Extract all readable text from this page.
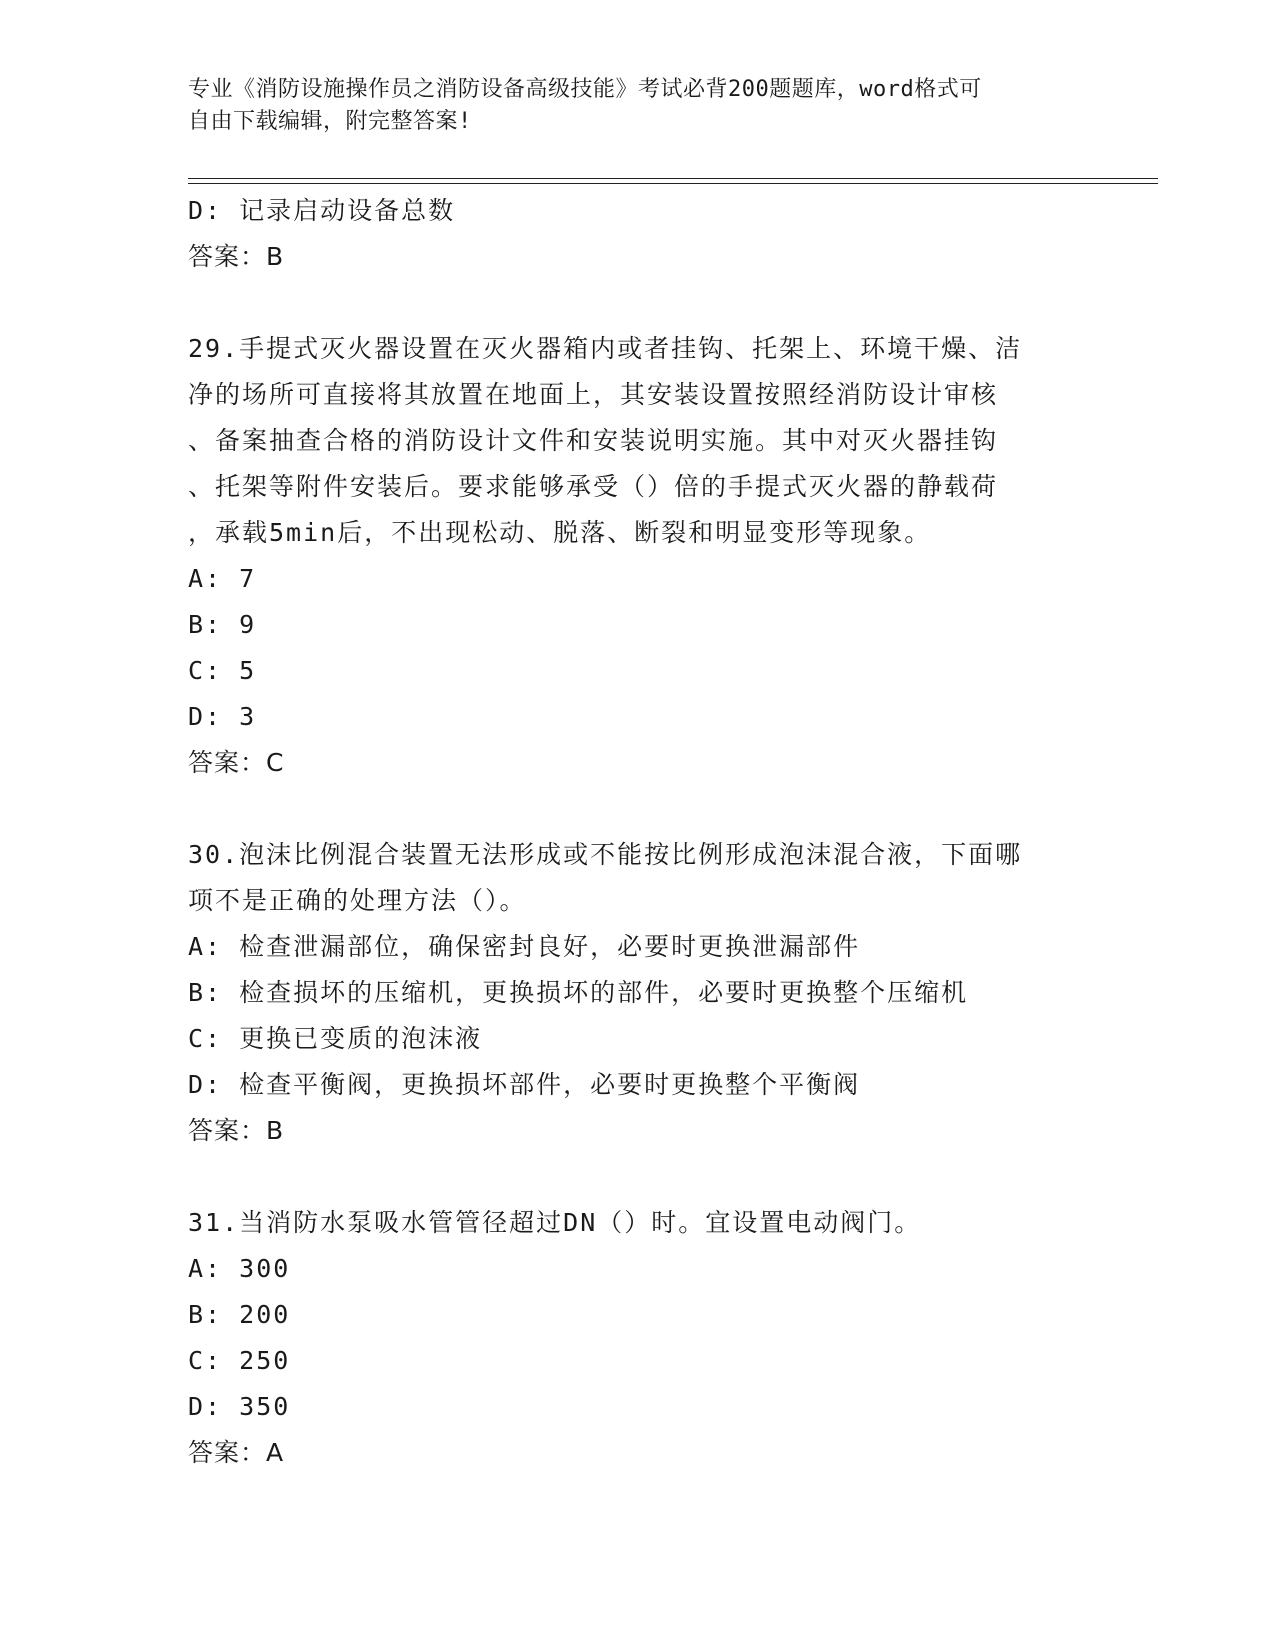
专业《消防设施操作员之消防设备高级技能》考试必背200题题库，word格式可
自由下载编辑，附完整答案!
D: 记录启动设备总数
答案：B
29.手提式灭火器设置在灭火器箱内或者挂钩、托架上、环境干燥、洁
净的场所可直接将其放置在地面上，其安装设置按照经消防设计审核
、备案抽查合格的消防设计文件和安装说明实施。其中对灭火器挂钩
、托架等附件安装后。要求能够承受（）倍的手提式灭火器的静载荷
，承载5min后，不出现松动、脱落、断裂和明显变形等现象。
A: 7
B: 9
C: 5
D: 3
答案：C
30.泡沫比例混合装置无法形成或不能按比例形成泡沫混合液，下面哪
项不是正确的处理方法（）。
A: 检查泄漏部位，确保密封良好，必要时更换泄漏部件
B: 检查损坏的压缩机，更换损坏的部件，必要时更换整个压缩机
C: 更换已变质的泡沫液
D: 检查平衡阀，更换损坏部件，必要时更换整个平衡阀
答案：B
31.当消防水泵吸水管管径超过DN（）时。宜设置电动阀门。
A: 300
B: 200
C: 250
D: 350
答案：A
